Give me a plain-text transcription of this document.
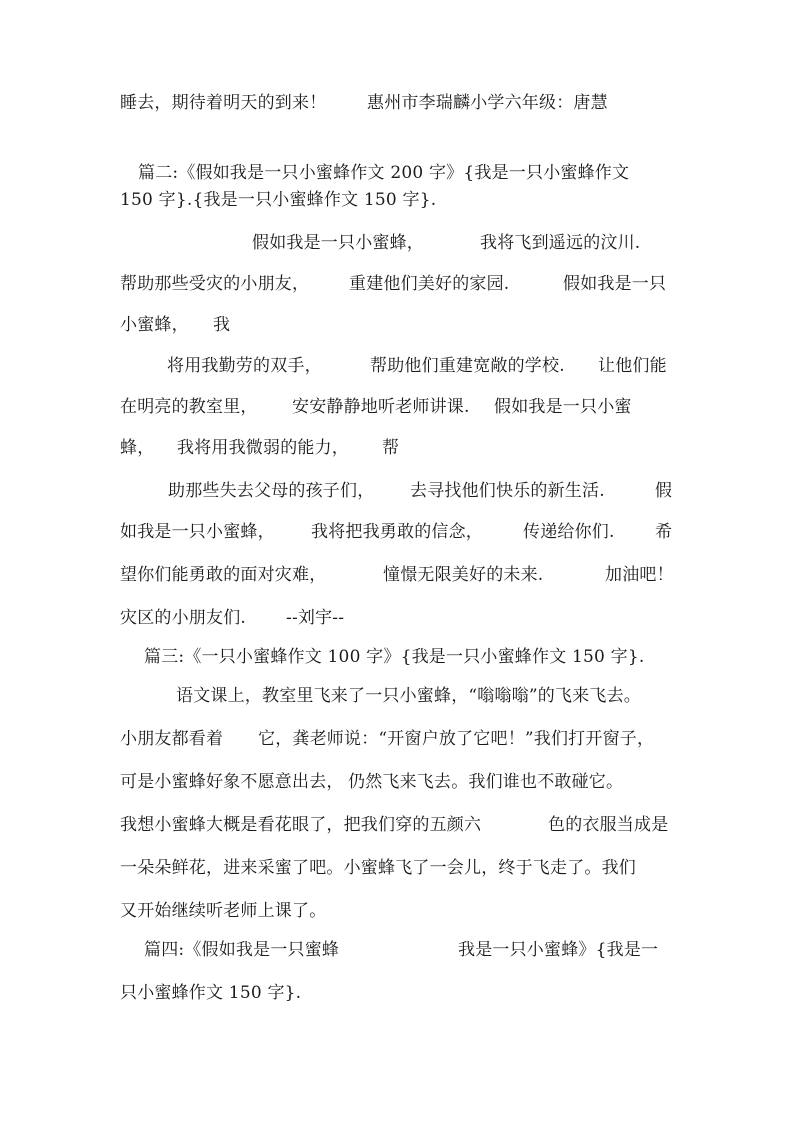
睡去，期待着明天的到来！ 惠州市李瑞麟小学六年级：唐慧
篇二:《假如我是一只小蜜蜂作文 200 字》{我是一只小蜜蜂作文
150 字}.{我是一只小蜜蜂作文 150 字}.
假如我是一只小蜜蜂，	我将飞到遥远的汶川.
帮助那些受灾的小朋友， 重建他们美好的家园.	假如我是一只
小蜜蜂， 我
将用我勤劳的双手，	帮助他们重建宽敞的学校. 让他们能
在明亮的教室里， 安安静静地听老师讲课. 假如我是一只小蜜
蜂， 我将用我微弱的能力， 帮
助那些失去父母的孩子们， 去寻找他们快乐的新生活.	假
如我是一只小蜜蜂， 我将把我勇敢的信念， 传递给你们. 希
望你们能勇敢的面对灾难，	憧憬无限美好的未来.	加油吧！
灾区的小朋友们. --刘宇--
篇三:《一只小蜜蜂作文 100 字》{我是一只小蜜蜂作文 150 字}.
语文课上，教室里飞来了一只小蜜蜂，“嗡嗡嗡”的飞来飞去。
小朋友都看着 它，龚老师说：“开窗户放了它吧！”我们打开窗子，
可是小蜜蜂好象不愿意出去， 仍然飞来飞去。我们谁也不敢碰它。
我想小蜜蜂大概是看花眼了，把我们穿的五颜六	色的衣服当成是
一朵朵鲜花，进来采蜜了吧。小蜜蜂飞了一会儿，终于飞走了。我们
又开始继续听老师上课了。
篇四:《假如我是一只蜜蜂	我是一只小蜜蜂》{我是一
只小蜜蜂作文 150 字}.
